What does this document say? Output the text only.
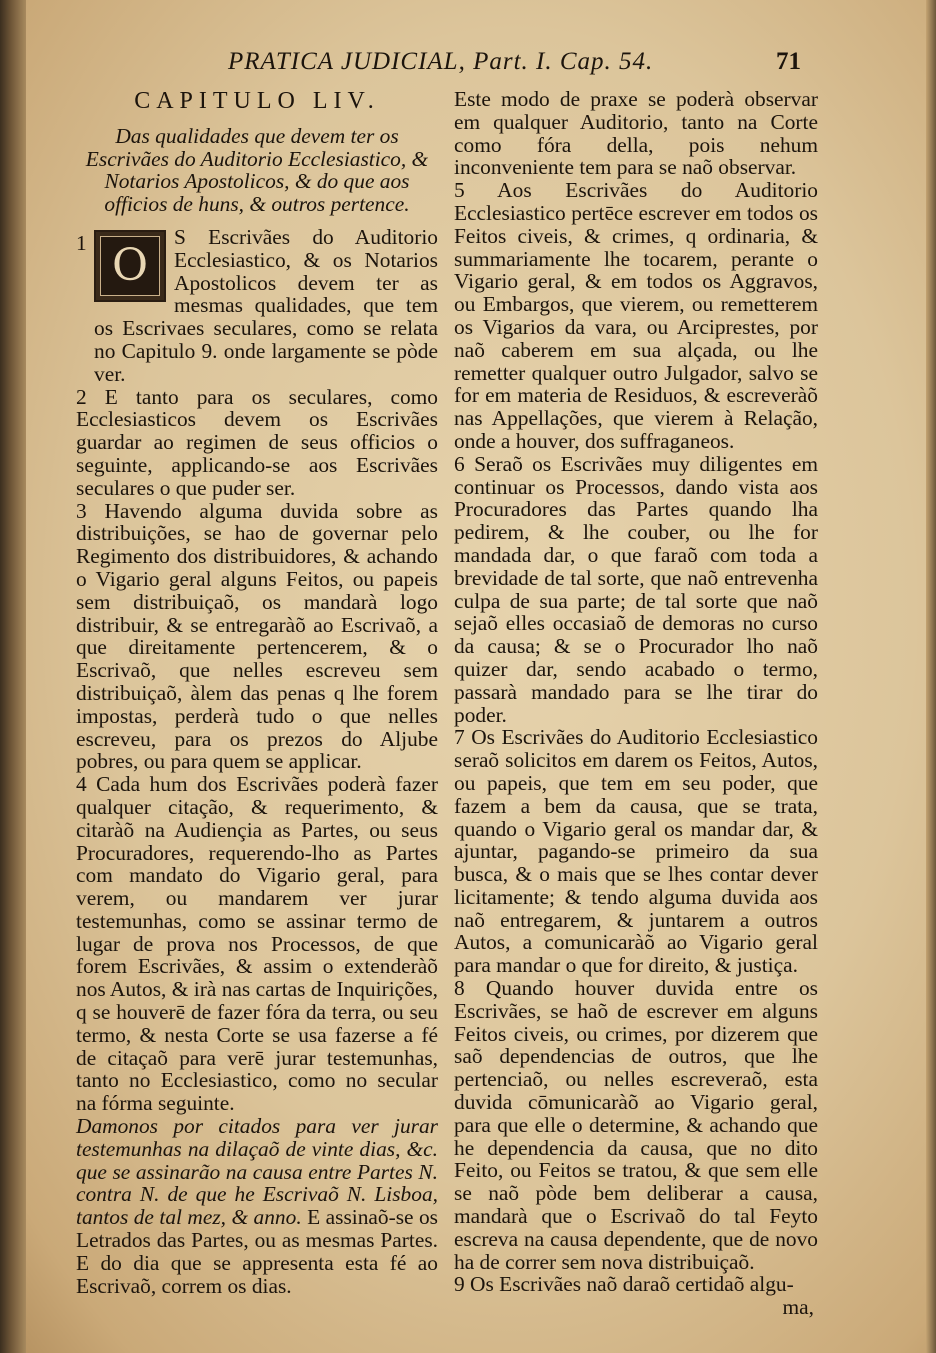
PRATICA JUDICIAL, Part. I. Cap. 54.	71
CAPITULO LIV.
Das qualidades que devem ter os Escrivães do Auditorio Ecclesiastico, & Notarios Apostolicos, & do que aos officios de huns, & outros pertence.
1 O
S Escrivães do Auditorio Ecclesiastico, & os Notarios Apostolicos devem ter as mesmas qualidades, que tem os Escrivaes seculares, como se relata no Capitulo 9. onde largamente se pòde ver.

2 E tanto para os seculares, como Ecclesiasticos devem os Escrivães guardar ao regimen de seus officios o seguinte, applicando-se aos Escrivães seculares o que puder ser.

3 Havendo alguma duvida sobre as distribuições, se hao de governar pelo Regimento dos distribuidores, & achando o Vigario geral alguns Feitos, ou papeis sem distribuiçaõ, os mandarà logo distribuir, & se entregaràõ ao Escrivaõ, a que direitamente pertencerem, & o Escrivaõ, que nelles escreveu sem distribuiçaõ, àlem das penas q lhe forem impostas, perderà tudo o que nelles escreveu, para os prezos do Aljube pobres, ou para quem se applicar.

4 Cada hum dos Escrivães poderà fazer qualquer citação, & requerimento, & citaràõ na Audiençia as Partes, ou seus Procuradores, requerendo-lho as Partes com mandato do Vigario geral, para verem, ou mandarem ver jurar testemunhas, como se assinar termo de lugar de prova nos Processos, de que forem Escrivães, & assim o extenderàõ nos Autos, & irà nas cartas de Inquirições, q se houverē de fazer fóra da terra, ou seu termo, & nesta Corte se usa fazerse a fé de citaçaõ para verē jurar testemunhas, tanto no Ecclesiastico, como no secular na fórma seguinte.

Damonos por citados para ver jurar testemunhas na dilaçaõ de vinte dias, &c. que se assinarão na causa entre Partes N. contra N. de que he Escrivaõ N. Lisboa, tantos de tal mez, & anno. E assinaõ-se os Letrados das Partes, ou as mesmas Partes. E do dia que se appresenta esta fé ao Escrivaõ, correm os dias.

Este modo de praxe se poderà observar em qualquer Auditorio, tanto na Corte como fóra della, pois nehum inconveniente tem para se naõ observar.

5 Aos Escrivães do Auditorio Ecclesiastico pertēce escrever em todos os Feitos civeis, & crimes, q ordinaria, & summariamente lhe tocarem, perante o Vigario geral, & em todos os Aggravos, ou Embargos, que vierem, ou remetterem os Vigarios da vara, ou Arciprestes, por naõ caberem em sua alçada, ou lhe remetter qualquer outro Julgador, salvo se for em materia de Residuos, & escreveràõ nas Appellações, que vierem à Relação, onde a houver, dos suffraganeos.

6 Seraõ os Escrivães muy diligentes em continuar os Processos, dando vista aos Procuradores das Partes quando lha pedirem, & lhe couber, ou lhe for mandada dar, o que faraõ com toda a brevidade de tal sorte, que naõ entrevenha culpa de sua parte; de tal sorte que naõ sejaõ elles occasiaõ de demoras no curso da causa; & se o Procurador lho naõ quizer dar, sendo acabado o termo, passarà mandado para se lhe tirar do poder.

7 Os Escrivães do Auditorio Ecclesiastico seraõ solicitos em darem os Feitos, Autos, ou papeis, que tem em seu poder, que fazem a bem da causa, que se trata, quando o Vigario geral os mandar dar, & ajuntar, pagando-se primeiro da sua busca, & o mais que se lhes contar dever licitamente; & tendo alguma duvida aos naõ entregarem, & juntarem a outros Autos, a comunicaràõ ao Vigario geral para mandar o que for direito, & justiça.

8 Quando houver duvida entre os Escrivães, se haõ de escrever em alguns Feitos civeis, ou crimes, por dizerem que saõ dependencias de outros, que lhe pertenciaõ, ou nelles escreveraõ, esta duvida cōmunicaràõ ao Vigario geral, para que elle o determine, & achando que he dependencia da causa, que no dito Feito, ou Feitos se tratou, & que sem elle se naõ pòde bem deliberar a causa, mandarà que o Escrivaõ do tal Feyto escreva na causa dependente, que de novo ha de correr sem nova distribuiçaõ.

9 Os Escrivães naõ daraõ certidaõ algu-

ma,
